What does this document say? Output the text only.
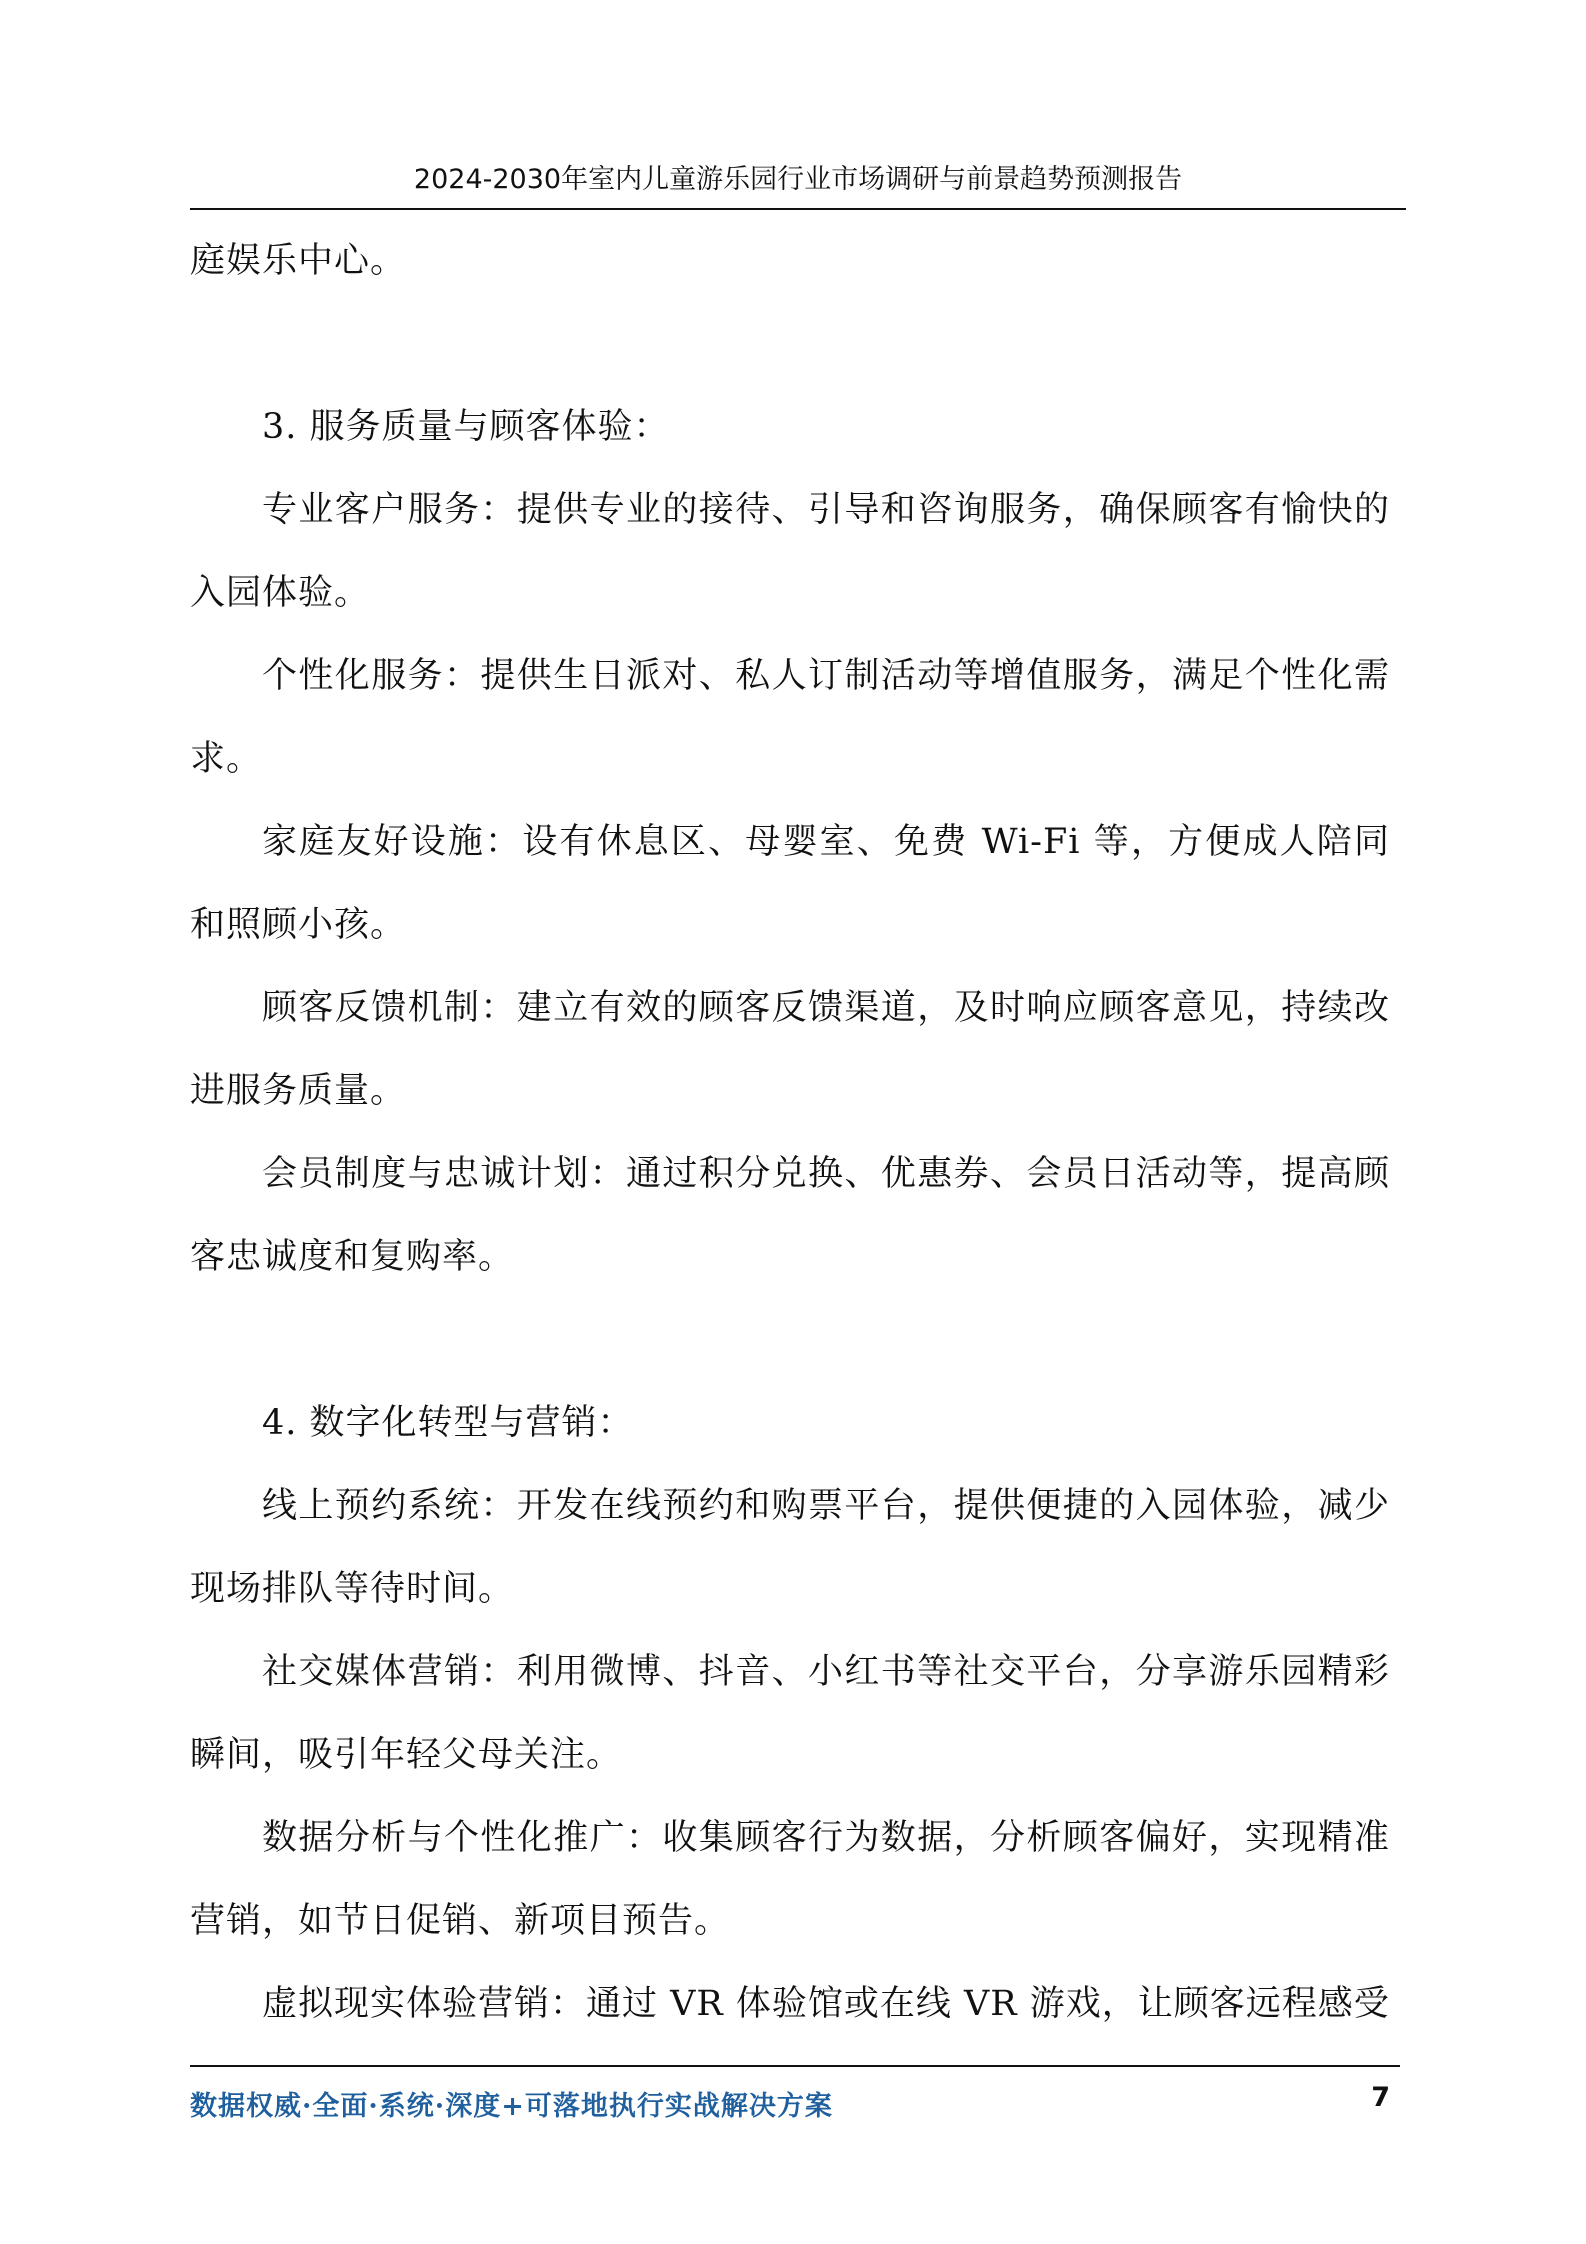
2024-2030年室内儿童游乐园行业市场调研与前景趋势预测报告

庭娱乐中心。

3. 服务质量与顾客体验：

专业客户服务：提供专业的接待、引导和咨询服务，确保顾客有愉快的入园体验。

个性化服务：提供生日派对、私人订制活动等增值服务，满足个性化需求。

家庭友好设施：设有休息区、母婴室、免费 Wi-Fi 等，方便成人陪同和照顾小孩。

顾客反馈机制：建立有效的顾客反馈渠道，及时响应顾客意见，持续改进服务质量。

会员制度与忠诚计划：通过积分兑换、优惠券、会员日活动等，提高顾客忠诚度和复购率。

4. 数字化转型与营销：

线上预约系统：开发在线预约和购票平台，提供便捷的入园体验，减少现场排队等待时间。

社交媒体营销：利用微博、抖音、小红书等社交平台，分享游乐园精彩瞬间，吸引年轻父母关注。

数据分析与个性化推广：收集顾客行为数据，分析顾客偏好，实现精准营销，如节日促销、新项目预告。

虚拟现实体验营销：通过 VR 体验馆或在线 VR 游戏，让顾客远程感受

数据权威·全面·系统·深度+可落地执行实战解决方案	7
